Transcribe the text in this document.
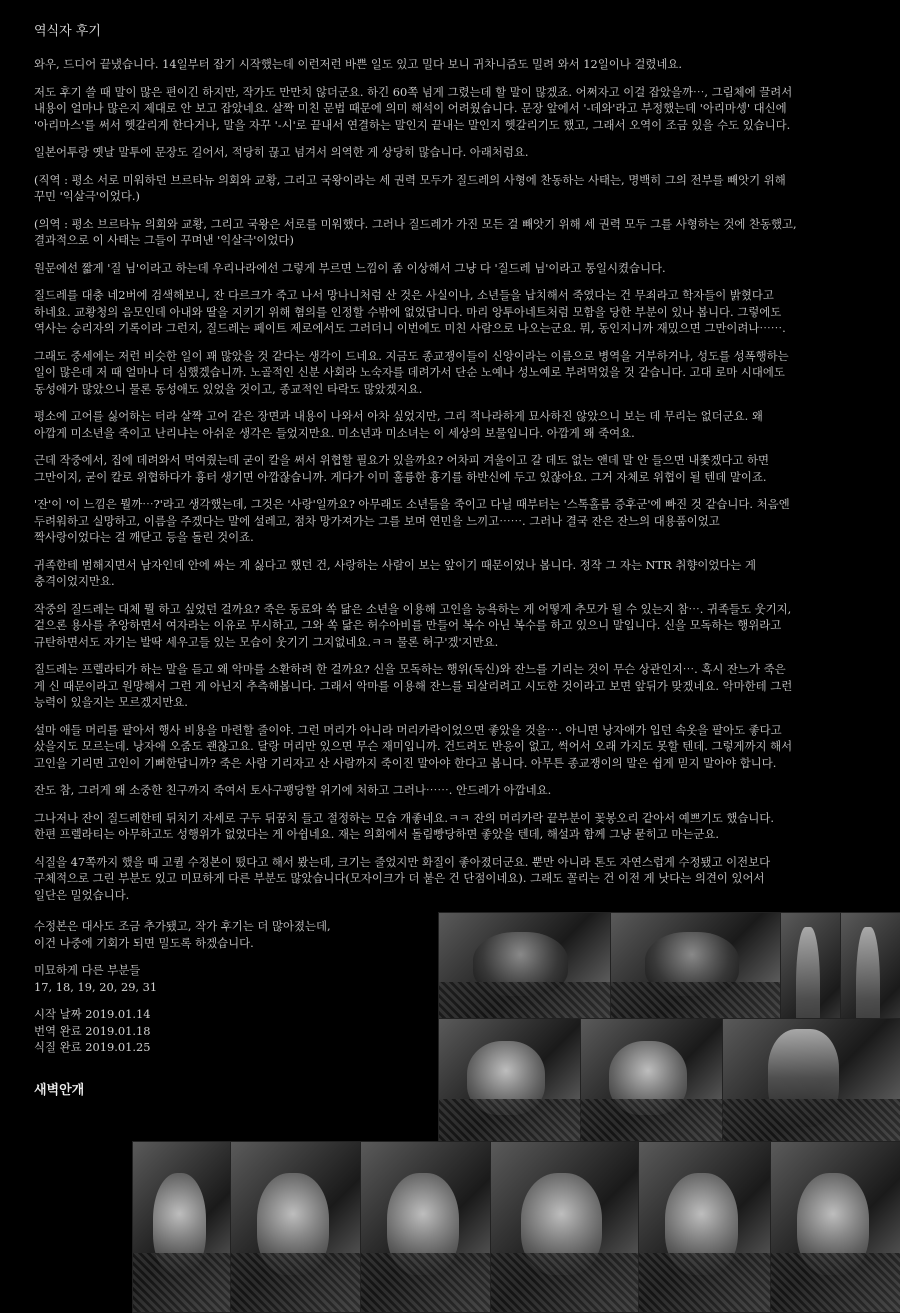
역식자 후기

와우, 드디어 끝냈습니다. 14일부터 잡기 시작했는데 이런저런 바쁜 일도 있고 밀다 보니 귀차니즘도 밀려 와서 12일이나 걸렸네요.

저도 후기 쓸 때 말이 많은 편이긴 하지만, 작가도 만만치 않더군요. 하긴 60쪽 넘게 그렸는데 할 말이 많겠죠. 어쩌자고 이걸 잡았을까⋯, 그림체에 끌려서
내용이 얼마나 많은지 제대로 안 보고 잡았네요. 살짝 미친 문법 때문에 의미 해석이 어려웠습니다. 문장 앞에서 '-데와'라고 부정했는데 '아리마셍' 대신에
'아리마스'를 써서 헷갈리게 한다거나, 말을 자꾸 '-시'로 끝내서 연결하는 말인지 끝내는 말인지 헷갈리기도 했고, 그래서 오역이 조금 있을 수도 있습니다.

일본어투랑 옛날 말투에 문장도 길어서, 적당히 끊고 넘겨서 의역한 게 상당히 많습니다. 아래처럼요.

(직역 : 평소 서로 미워하던 브르타뉴 의회와 교황, 그리고 국왕이라는 세 권력 모두가 질드레의 사형에 찬동하는 사태는, 명백히 그의 전부를 빼앗기 위해
꾸민 '익살극'이었다.)

(의역 : 평소 브르타뉴 의회와 교황, 그리고 국왕은 서로를 미워했다. 그러나 질드레가 가진 모든 걸 빼앗기 위해 세 권력 모두 그를 사형하는 것에 찬동했고,
결과적으로 이 사태는 그들이 꾸며낸 '익살극'이었다)

원문에선 짧게 '질 님'이라고 하는데 우리나라에선 그렇게 부르면 느낌이 좀 이상해서 그냥 다 '질드레 님'이라고 통일시켰습니다.

질드레를 대충 네2버에 검색해보니, 잔 다르크가 죽고 나서 망나니처럼 산 것은 사실이나, 소년들을 납치해서 죽였다는 건 무죄라고 학자들이 밝혔다고
하네요. 교황청의 음모인데 아내와 딸을 지키기 위해 혐의를 인정할 수밖에 없었답니다. 마리 앙투아네트처럼 모함을 당한 부분이 있나 봅니다. 그렇에도
역사는 승리자의 기록이라 그런지, 질드레는 페이트 제로에서도 그러더니 이번에도 미친 사람으로 나오는군요. 뭐, 동인지니까 재밌으면 그만이려나⋯⋯.

그래도 중세에는 저런 비슷한 일이 꽤 많았을 것 같다는 생각이 드네요. 지금도 종교쟁이들이 신앙이라는 이름으로 병역을 거부하거나, 성도를 성폭행하는
일이 많은데 저 때 얼마나 더 심했겠습니까. 노골적인 신분 사회라 노숙자를 데려가서 단순 노예나 성노예로 부려먹었을 것 같습니다. 고대 로마 시대에도
동성애가 많았으니 물론 동성애도 있었을 것이고, 종교적인 타락도 많았겠지요.

평소에 고어를 싫어하는 터라 살짝 고어 같은 장면과 내용이 나와서 아차 싶었지만, 그리 적나라하게 묘사하진 않았으니 보는 데 무리는 없더군요. 왜
아깝게 미소년을 죽이고 난리냐는 아쉬운 생각은 들었지만요. 미소년과 미소녀는 이 세상의 보물입니다. 아깝게 왜 죽여요.

근데 작중에서, 집에 데려와서 먹여줬는데 굳이 칼을 써서 위협할 필요가 있을까요? 어차피 겨울이고 갈 데도 없는 앤데 말 안 들으면 내쫓겠다고 하면
그만이지, 굳이 칼로 위협하다가 흉터 생기면 아깝잖습니까. 게다가 이미 훌륭한 흉기를 하반신에 두고 있잖아요. 그거 자체로 위협이 될 텐데 말이죠.

'잔'이 '이 느낌은 뭘까⋯?'라고 생각했는데, 그것은 '사랑'일까요? 아무래도 소년들을 죽이고 다닐 때부터는 '스톡홀름 증후군'에 빠진 것 같습니다. 처음엔
두려워하고 실망하고, 이름을 주겠다는 말에 설레고, 점차 망가져가는 그를 보며 연민을 느끼고⋯⋯. 그러나 결국 잔은 잔느의 대용품이었고
짝사랑이었다는 걸 깨닫고 등을 돌린 것이죠.

귀족한테 범해지면서 남자인데 안에 싸는 게 싫다고 했던 건, 사랑하는 사람이 보는 앞이기 때문이었나 봅니다. 정작 그 자는 NTR 취향이었다는 게
충격이었지만요.

작중의 질드레는 대체 뭘 하고 싶었던 걸까요? 죽은 동료와 쏙 닮은 소년을 이용해 고인을 능욕하는 게 어떻게 추모가 될 수 있는지 참⋯. 귀족들도 웃기지,
겉으론 용사를 추앙하면서 여자라는 이유로 무시하고, 그와 쏙 닮은 허수아비를 만들어 복수 아닌 복수를 하고 있으니 말입니다. 신을 모독하는 행위라고
규탄하면서도 자기는 발딱 세우고들 있는 모습이 웃기기 그지없네요.ㅋㅋ 물론 허구'겠'지만요.

질드레는 프렐라티가 하는 말을 듣고 왜 악마를 소환하려 한 걸까요? 신을 모독하는 행위(독신)와 잔느를 기리는 것이 무슨 상관인지⋯. 혹시 잔느가 죽은
게 신 때문이라고 원망해서 그런 게 아닌지 추측해봅니다. 그래서 악마를 이용해 잔느를 되살리려고 시도한 것이라고 보면 앞뒤가 맞겠네요. 악마한테 그런
능력이 있을지는 모르겠지만요.

설마 애들 머리를 팔아서 행사 비용을 마련할 줄이야. 그런 머리가 아니라 머리카락이었으면 좋았을 것을⋯. 아니면 낭자애가 입던 속옷을 팔아도 좋다고
샀을지도 모르는데. 낭자애 오줌도 괜찮고요. 달랑 머리만 있으면 무슨 재미입니까. 건드려도 반응이 없고, 썩어서 오래 가지도 못할 텐데. 그렇게까지 해서
고인을 기리면 고인이 기뻐한답니까? 죽은 사람 기리자고 산 사람까지 죽이진 말아야 한다고 봅니다. 아무튼 종교쟁이의 말은 쉽게 믿지 말아야 합니다.

잔도 참, 그러게 왜 소중한 친구까지 죽여서 토사구팽당할 위기에 처하고 그러나⋯⋯. 안드레가 아깝네요.

그나저나 잔이 질드레한테 뒤치기 자세로 구두 뒤꿈치 들고 절정하는 모습 개좋네요.ㅋㅋ 잔의 머리카락 끝부분이 꽃봉오리 같아서 예쁘기도 했습니다.
한편 프렐라티는 아무하고도 성행위가 없었다는 게 아쉽네요. 재는 의회에서 돌림빵당하면 좋았을 텐데, 해설과 함께 그냥 묻히고 마는군요.

식질을 47쪽까지 했을 때 고퀼 수정본이 떴다고 해서 봤는데, 크기는 줄었지만 화질이 좋아졌더군요. 뿐만 아니라 톤도 자연스럽게 수정됐고 이전보다
구체적으로 그린 부분도 있고 미묘하게 다른 부분도 많았습니다(모자이크가 더 붙은 건 단점이네요). 그래도 꼴리는 건 이전 게 낫다는 의견이 있어서
일단은 밀었습니다.

수정본은 대사도 조금 추가됐고, 작가 후기는 더 많아졌는데,
이건 나중에 기회가 되면 밀도록 하겠습니다.

미묘하게 다른 부분들
17, 18, 19, 20, 29, 31

시작 날짜 2019.01.14
번역 완료 2019.01.18
식질 완료 2019.01.25

새벽안개
